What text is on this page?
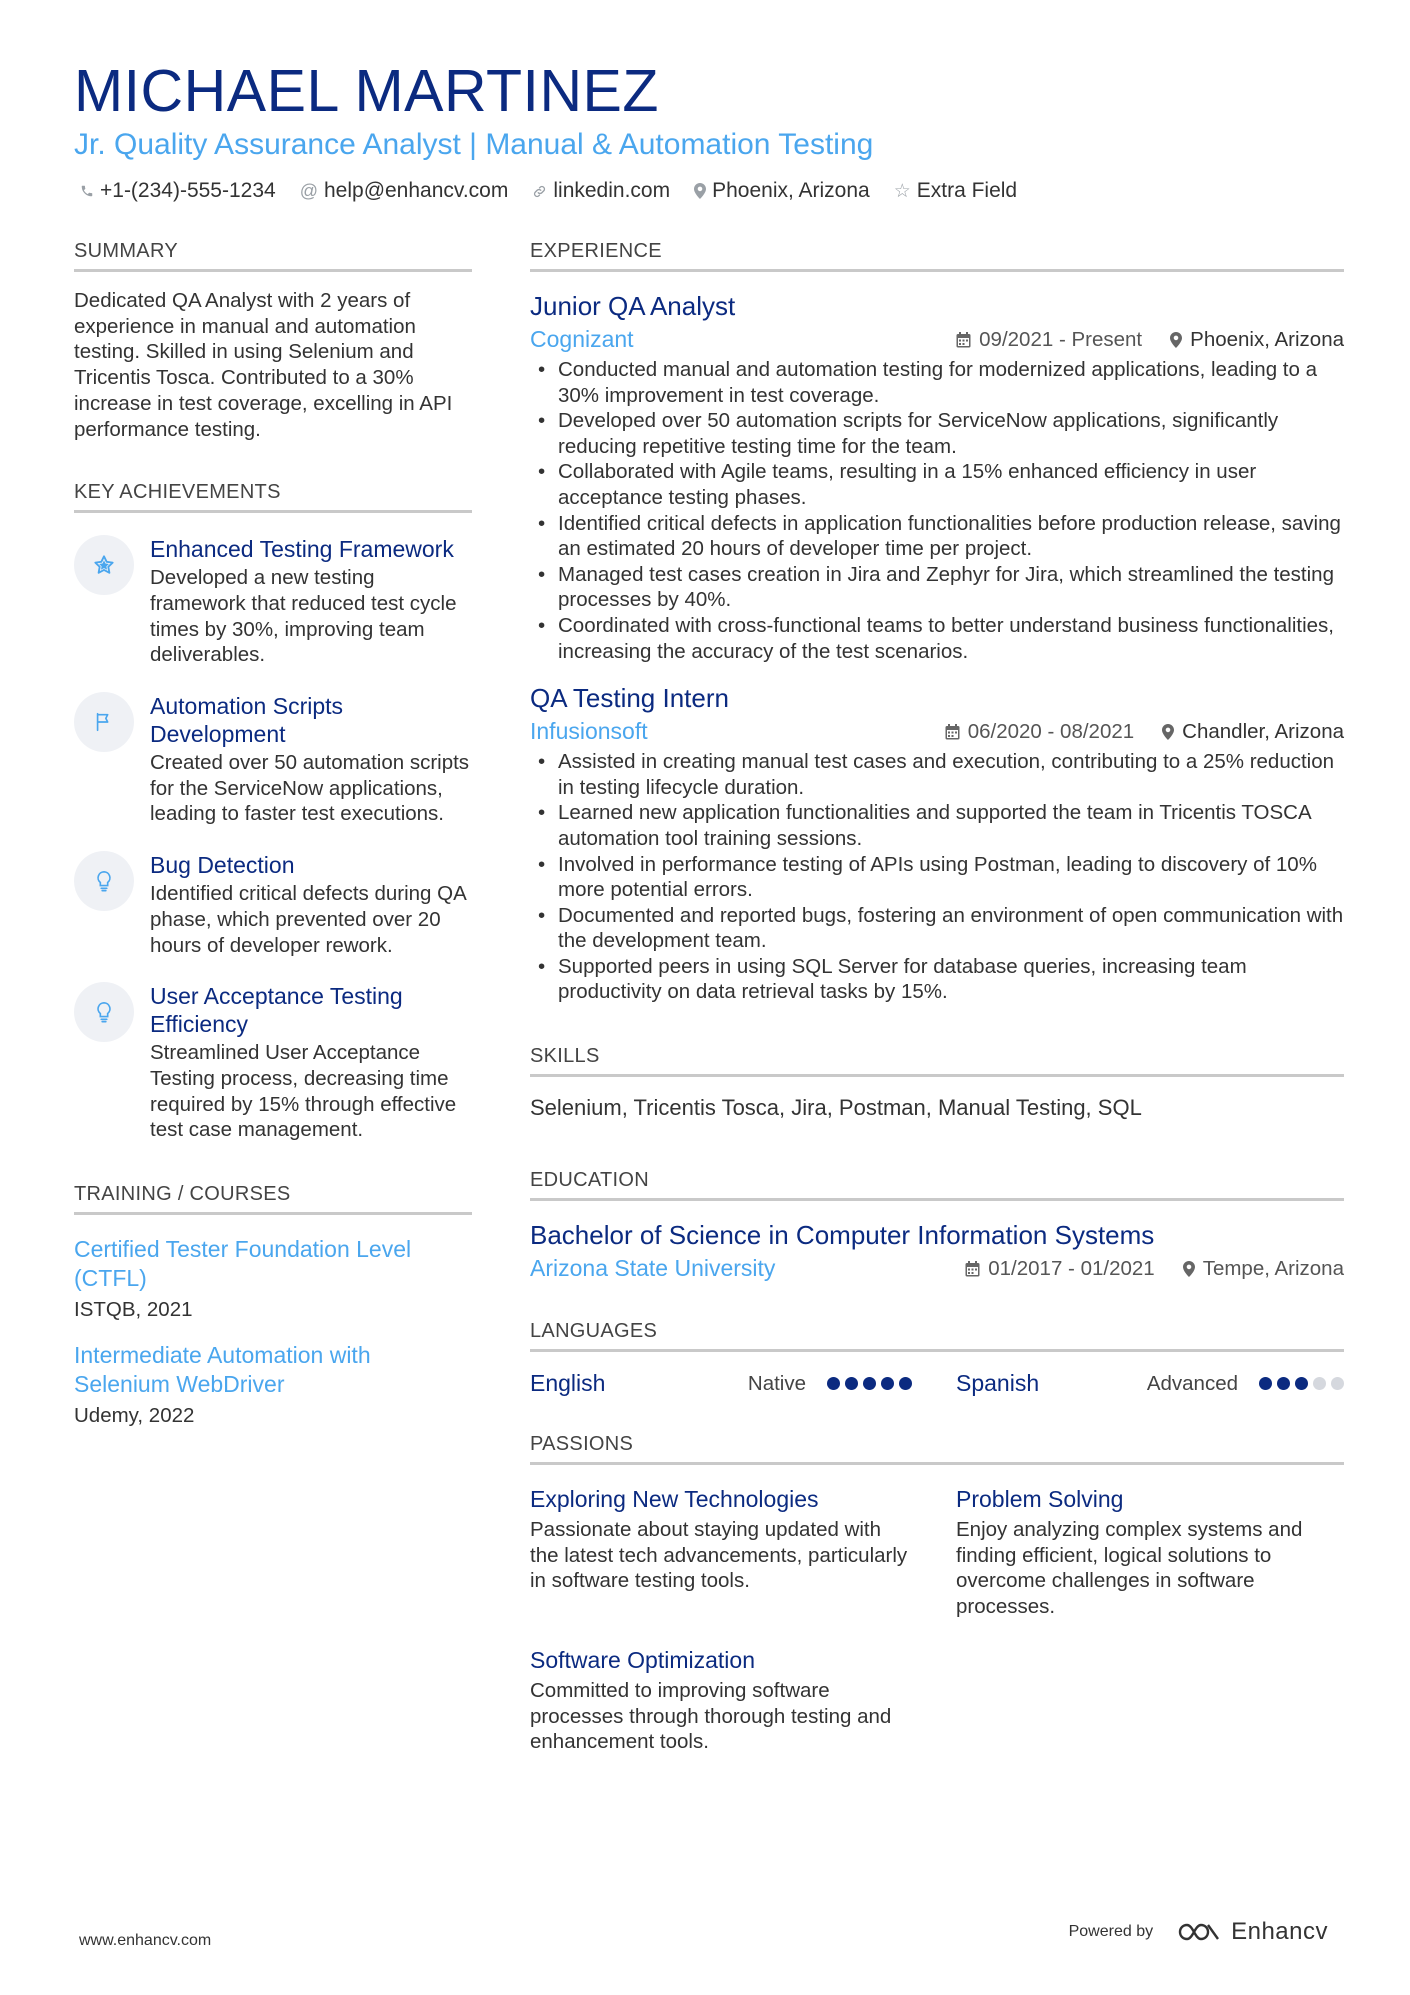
MICHAEL MARTINEZ
Jr. Quality Assurance Analyst | Manual & Automation Testing
+1-(234)-555-1234 @ help@enhancv.com linkedin.com Phoenix, Arizona ☆ Extra Field
SUMMARY
Dedicated QA Analyst with 2 years of experience in manual and automation testing. Skilled in using Selenium and Tricentis Tosca. Contributed to a 30% increase in test coverage, excelling in API performance testing.
KEY ACHIEVEMENTS
Enhanced Testing Framework
Developed a new testing framework that reduced test cycle times by 30%, improving team deliverables.
Automation Scripts Development
Created over 50 automation scripts for the ServiceNow applications, leading to faster test executions.
Bug Detection
Identified critical defects during QA phase, which prevented over 20 hours of developer rework.
User Acceptance Testing Efficiency
Streamlined User Acceptance Testing process, decreasing time required by 15% through effective test case management.
TRAINING / COURSES
Certified Tester Foundation Level (CTFL)
ISTQB, 2021
Intermediate Automation with Selenium WebDriver
Udemy, 2022
EXPERIENCE
Junior QA Analyst
Cognizant	09/2021 - Present Phoenix, Arizona
• Conducted manual and automation testing for modernized applications, leading to a 30% improvement in test coverage.
• Developed over 50 automation scripts for ServiceNow applications, significantly reducing repetitive testing time for the team.
• Collaborated with Agile teams, resulting in a 15% enhanced efficiency in user acceptance testing phases.
• Identified critical defects in application functionalities before production release, saving an estimated 20 hours of developer time per project.
• Managed test cases creation in Jira and Zephyr for Jira, which streamlined the testing processes by 40%.
• Coordinated with cross-functional teams to better understand business functionalities, increasing the accuracy of the test scenarios.
QA Testing Intern
Infusionsoft	06/2020 - 08/2021 Chandler, Arizona
• Assisted in creating manual test cases and execution, contributing to a 25% reduction in testing lifecycle duration.
• Learned new application functionalities and supported the team in Tricentis TOSCA automation tool training sessions.
• Involved in performance testing of APIs using Postman, leading to discovery of 10% more potential errors.
• Documented and reported bugs, fostering an environment of open communication with the development team.
• Supported peers in using SQL Server for database queries, increasing team productivity on data retrieval tasks by 15%.
SKILLS
Selenium, Tricentis Tosca, Jira, Postman, Manual Testing, SQL
EDUCATION
Bachelor of Science in Computer Information Systems
Arizona State University	01/2017 - 01/2021 Tempe, Arizona
LANGUAGES
English	Native	Spanish	Advanced
PASSIONS
Exploring New Technologies
Passionate about staying updated with the latest tech advancements, particularly in software testing tools.
Problem Solving
Enjoy analyzing complex systems and finding efficient, logical solutions to overcome challenges in software processes.
Software Optimization
Committed to improving software processes through thorough testing and enhancement tools.
www.enhancv.com
Powered by	Enhancv
